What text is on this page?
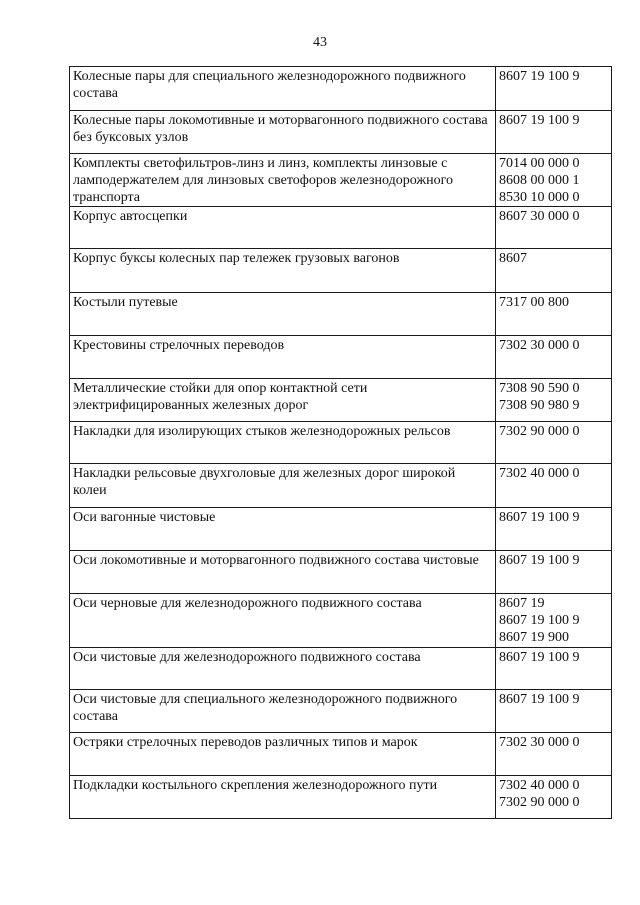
43
Колесные пары для специального железнодорожного подвижного состава	8607 19 100 9

Колесные пары локомотивные и моторвагонного подвижного состава без буксовых узлов	8607 19 100 9

Комплекты светофильтров-линз и линз, комплекты линзовые с ламподержателем для линзовых светофоров железнодорожного транспорта	7014 00 000 0
8608 00 000 1
8530 10 000 0

Корпус автосцепки	8607 30 000 0

Корпус буксы колесных пар тележек грузовых вагонов	8607

Костыли путевые	7317 00 800

Крестовины стрелочных переводов	7302 30 000 0

Металлические стойки для опор контактной сети электрифицированных железных дорог	7308 90 590 0
7308 90 980 9

Накладки для изолирующих стыков железнодорожных рельсов	7302 90 000 0

Накладки рельсовые двухголовые для железных дорог широкой колеи	7302 40 000 0

Оси вагонные чистовые	8607 19 100 9

Оси локомотивные и моторвагонного подвижного состава чистовые	8607 19 100 9

Оси черновые для железнодорожного подвижного состава	8607 19
8607 19 100 9
8607 19 900

Оси чистовые для железнодорожного подвижного состава	8607 19 100 9

Оси чистовые для специального железнодорожного подвижного состава	8607 19 100 9

Остряки стрелочных переводов различных типов и марок	7302 30 000 0

Подкладки костыльного скрепления железнодорожного пути	7302 40 000 0
7302 90 000 0
